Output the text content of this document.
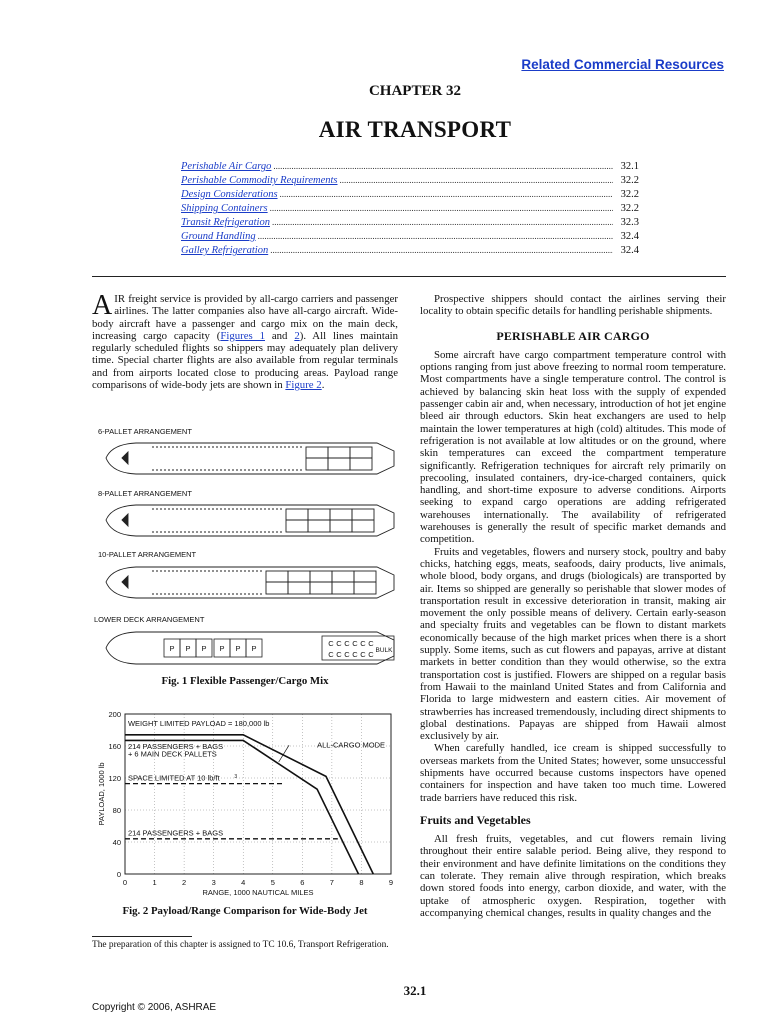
Related Commercial Resources
CHAPTER 32
AIR TRANSPORT
Perishable Air Cargo .....	32.1
Perishable Commodity Requirements .....	32.2
Design Considerations .....	32.2
Shipping Containers .....	32.2
Transit Refrigeration .....	32.3
Ground Handling .....	32.4
Galley Refrigeration .....	32.4

AIR freight service is provided by all-cargo carriers and passenger airlines. The latter companies also have all-cargo aircraft. Wide-body aircraft have a passenger and cargo mix on the main deck, increasing cargo capacity (Figures 1 and 2). All lines maintain regularly scheduled flights so shippers may adequately plan delivery time. Special charter flights are also available from regular terminals and from airports located close to producing areas. Payload range comparisons of wide-body jets are shown in Figure 2.

6-PALLET ARRANGEMENT
8-PALLET ARRANGEMENT
10-PALLET ARRANGEMENT
LOWER DECK ARRANGEMENT
P P P P P P
C C C C C C
C C C C C C BULK
Fig. 1 Flexible Passenger/Cargo Mix
0	1	2	3	4	5	6	7	8	9
0
40
80
120
160
200
WEIGHT LIMITED PAYLOAD = 180,000 lb
214 PASSENGERS + BAGS
+ 6 MAIN DECK PALLETS
ALL-CARGO MODE
SPACE LIMITED AT 10 lb/ft	3
214 PASSENGERS + BAGS
RANGE, 1000 NAUTICAL MILES
PAYLOAD, 1000 lb
Fig. 2 Payload/Range Comparison for Wide-Body Jet
The preparation of this chapter is assigned to TC 10.6, Transport Refrigeration.

Prospective shippers should contact the airlines serving their locality to obtain specific details for handling perishable shipments.

PERISHABLE AIR CARGO

Some aircraft have cargo compartment temperature control with options ranging from just above freezing to normal room temperature. Most compartments have a single temperature control. The control is achieved by balancing skin heat loss with the supply of expended passenger cabin air and, when necessary, introduction of hot jet engine bleed air through eductors. Skin heat exchangers are used to help maintain the lower temperatures at high (cold) altitudes. This mode of refrigeration is not available at low altitudes or on the ground, where skin temperatures can exceed the compartment temperature significantly. Refrigeration techniques for aircraft rely primarily on precooling, insulated containers, dry-ice-charged containers, quick handling, and short-time exposure to adverse conditions. Airports seeking to expand cargo operations are adding refrigerated warehouses internationally. The availability of refrigerated warehouses is generally the result of specific market demands and competition.

Fruits and vegetables, flowers and nursery stock, poultry and baby chicks, hatching eggs, meats, seafoods, dairy products, live animals, whole blood, body organs, and drugs (biologicals) are transported by air. Items so shipped are generally so perishable that slower modes of transportation result in excessive deterioration in transit, making air movement the only possible means of delivery. Certain early-season and specialty fruits and vegetables can be flown to distant markets economically because of the high market prices when there is a short supply. Some items, such as cut flowers and papayas, arrive at distant markets in better condition than they would otherwise, so the extra transportation cost is justified. Flowers are shipped on a regular basis from Hawaii to the mainland United States and from California and Florida to large midwestern and eastern cities. Air movement of strawberries has increased tremendously, including direct shipments to global destinations. Papayas are shipped from Hawaii almost exclusively by air.

When carefully handled, ice cream is shipped successfully to overseas markets from the United States; however, some unsuccessful shipments have occurred because customs inspectors have opened containers for inspection and have taken too much time. Lowered trade barriers have reduced this risk.

Fruits and Vegetables

All fresh fruits, vegetables, and cut flowers remain living throughout their entire salable period. Being alive, they respond to their environment and have definite limitations on the conditions they can tolerate. They remain alive through respiration, which breaks down stored foods into energy, carbon dioxide, and water, with the uptake of atmospheric oxygen. Respiration, together with accompanying chemical changes, results in quality changes and the

32.1
Copyright © 2006, ASHRAE
